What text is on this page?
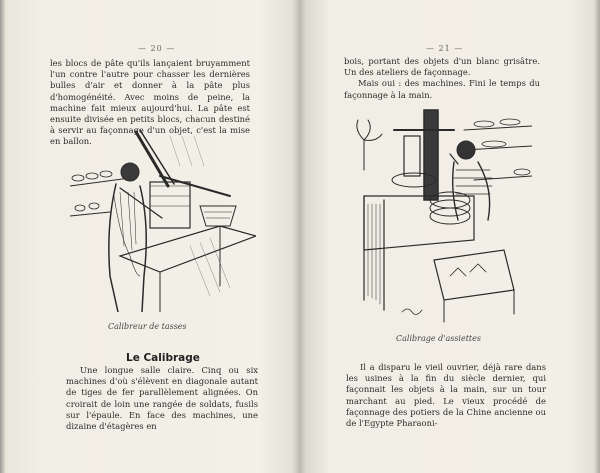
— 20 —

les blocs de pâte qu'ils lançaient bruyamment l'un contre l'autre pour chasser les dernières bulles d'air et donner à la pâte plus d'homogénéité. Avec moins de peine, la machine fait mieux aujourd'hui. La pâte est ensuite divisée en petits blocs, chacun destiné à servir au façonnage d'un objet, c'est la mise en ballon.

Calibreur de tasses
Le Calibrage

Une longue salle claire. Cinq ou six machines d'où s'élèvent en diagonale autant de tiges de fer parallèlement alignées. On croirait de loin une rangée de soldats, fusils sur l'épaule. En face des machines, une dizaine d'étagères en

— 21 —

bois, portant des objets d'un blanc grisâtre. Un des ateliers de façonnage.

Mais oui : des machines. Fini le temps du façonnage à la main.

Calibrage d'assiettes

Il a disparu le vieil ouvrier, déjà rare dans les usines à la fin du siècle dernier, qui façonnait les objets à la main, sur un tour marchant au pied. Le vieux procédé de façonnage des potiers de la Chine ancienne ou de l'Egypte Pharaoni-
